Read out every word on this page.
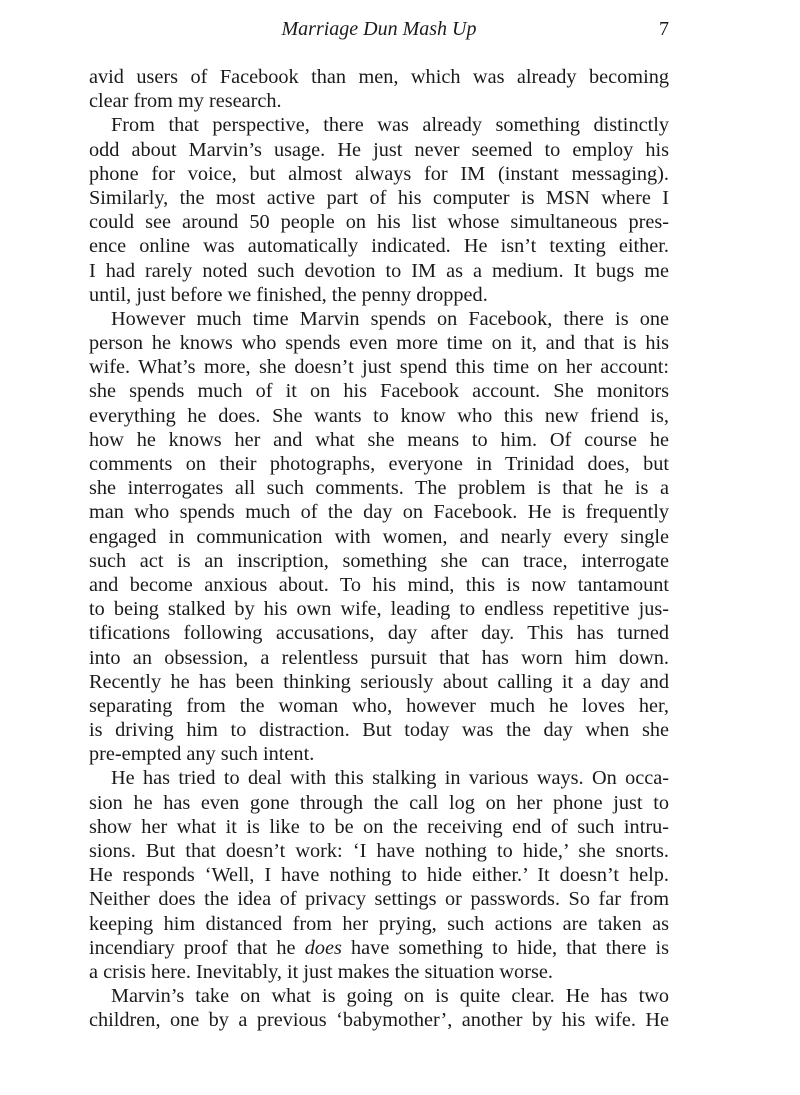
Marriage Dun Mash Up	7
avid users of Facebook than men, which was already becoming
clear from my research.
From that perspective, there was already something distinctly
odd about Marvin’s usage. He just never seemed to employ his
phone for voice, but almost always for IM (instant messaging).
Similarly, the most active part of his computer is MSN where I
could see around 50 people on his list whose simultaneous pres-
ence online was automatically indicated. He isn’t texting either.
I had rarely noted such devotion to IM as a medium. It bugs me
until, just before we finished, the penny dropped.
However much time Marvin spends on Facebook, there is one
person he knows who spends even more time on it, and that is his
wife. What’s more, she doesn’t just spend this time on her account:
she spends much of it on his Facebook account. She monitors
everything he does. She wants to know who this new friend is,
how he knows her and what she means to him. Of course he
comments on their photographs, everyone in Trinidad does, but
she interrogates all such comments. The problem is that he is a
man who spends much of the day on Facebook. He is frequently
engaged in communication with women, and nearly every single
such act is an inscription, something she can trace, interrogate
and become anxious about. To his mind, this is now tantamount
to being stalked by his own wife, leading to endless repetitive jus-
tifications following accusations, day after day. This has turned
into an obsession, a relentless pursuit that has worn him down.
Recently he has been thinking seriously about calling it a day and
separating from the woman who, however much he loves her,
is driving him to distraction. But today was the day when she
pre-empted any such intent.
He has tried to deal with this stalking in various ways. On occa-
sion he has even gone through the call log on her phone just to
show her what it is like to be on the receiving end of such intru-
sions. But that doesn’t work: ‘I have nothing to hide,’ she snorts.
He responds ‘Well, I have nothing to hide either.’ It doesn’t help.
Neither does the idea of privacy settings or passwords. So far from
keeping him distanced from her prying, such actions are taken as
incendiary proof that he does have something to hide, that there is
a crisis here. Inevitably, it just makes the situation worse.
Marvin’s take on what is going on is quite clear. He has two
children, one by a previous ‘babymother’, another by his wife. He
